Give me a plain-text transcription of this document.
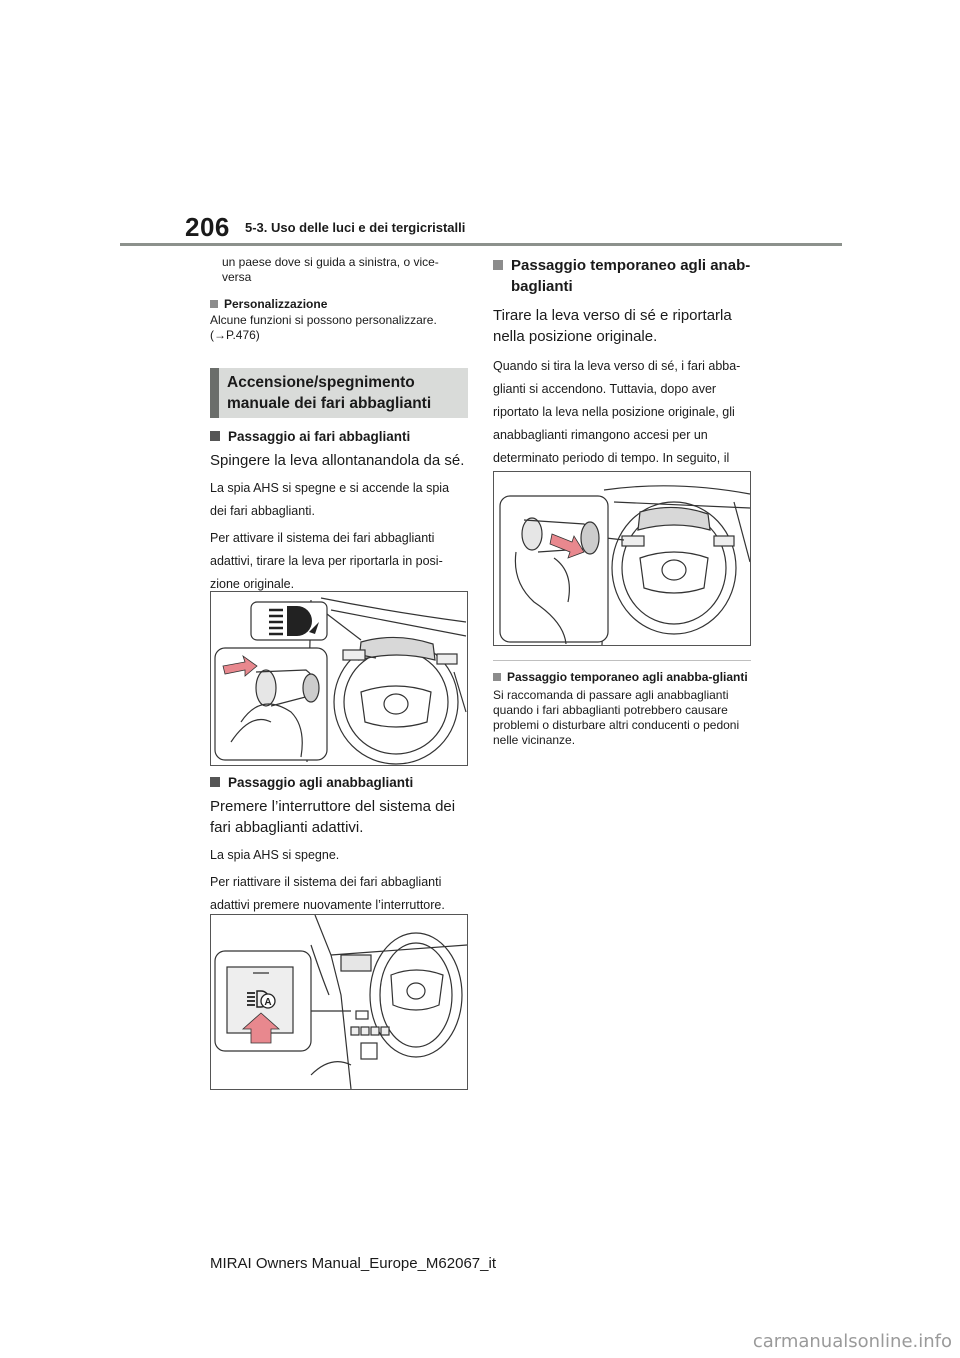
206 5-3. Uso delle luci e dei tergicristalli

un paese dove si guida a sinistra, o vice-versa

Personalizzazione

Alcune funzioni si possono personalizzare. (→P.476)

Accensione/spegnimento manuale dei fari abbaglianti

Passaggio ai fari abbaglianti

Spingere la leva allontanandola da sé.

La spia AHS si spegne e si accende la spia dei fari abbaglianti.

Per attivare il sistema dei fari abbaglianti adattivi, tirare la leva per riportarla in posi-zione originale.

Passaggio agli anabbaglianti

Premere l’interruttore del sistema dei fari abbaglianti adattivi.

La spia AHS si spegne.

Per riattivare il sistema dei fari abbaglianti adattivi premere nuovamente l’interruttore.

A

Passaggio temporaneo agli anab-baglianti

Tirare la leva verso di sé e riportarla nella posizione originale.

Quando si tira la leva verso di sé, i fari abba-glianti si accendono. Tuttavia, dopo aver riportato la leva nella posizione originale, gli anabbaglianti rimangono accesi per un determinato periodo di tempo. In seguito, il

Passaggio temporaneo agli anabba-glianti

Si raccomanda di passare agli anabbaglianti quando i fari abbaglianti potrebbero causare problemi o disturbare altri conducenti o pedoni nelle vicinanze.

MIRAI Owners Manual_Europe_M62067_it
carmanualsonline.info
